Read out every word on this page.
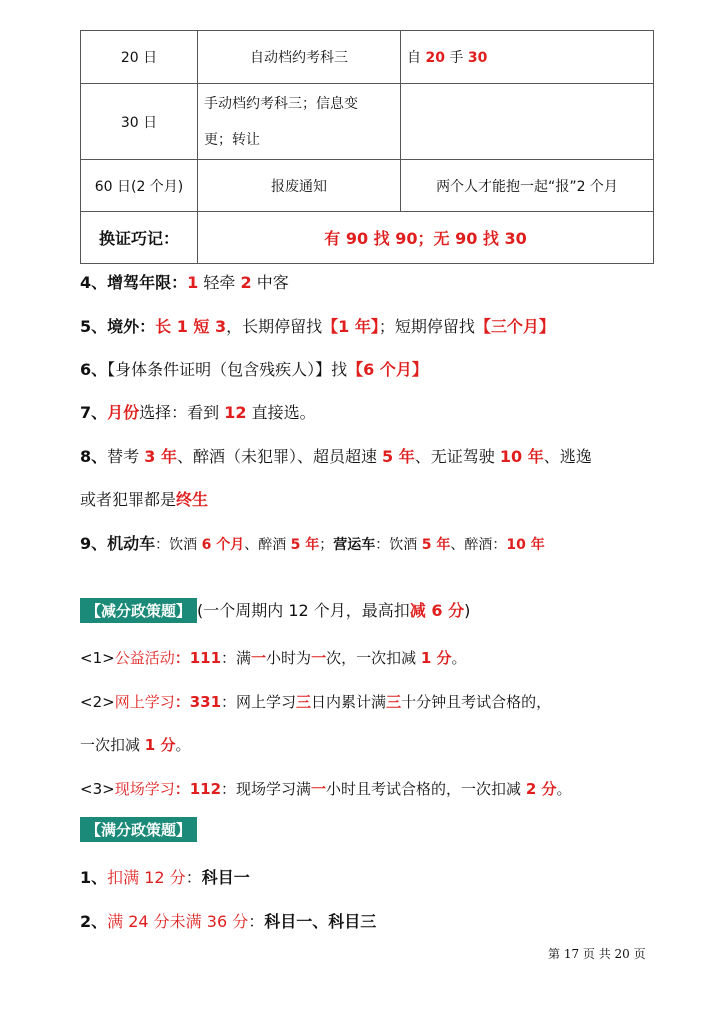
20 日	自动档约考科三	自 20 手 30
30 日	手动档约考科三；信息变
更；转让	
60 日(2 个月)	报废通知	两个人才能抱一起“报”2 个月
换证巧记：	有 90 找 90；无 90 找 30	
4、增驾年限：1 轻牵 2 中客
5、境外：长 1 短 3，长期停留找【1 年】；短期停留找【三个月】
6、【身体条件证明（包含残疾人）】找【6 个月】
7、月份选择：看到 12 直接选。
8、替考 3 年、醉酒（未犯罪）、超员超速 5 年、无证驾驶 10 年、逃逸
或者犯罪都是终生
9、机动车：饮酒 6 个月、醉酒 5 年；营运车：饮酒 5 年、醉酒：10 年
【减分政策题】 (一个周期内 12 个月，最高扣减 6 分)
<1>公益活动：111：满一小时为一次，一次扣减 1 分。
<2>网上学习：331：网上学习三日内累计满三十分钟且考试合格的，
一次扣减 1 分。
<3>现场学习：112：现场学习满一小时且考试合格的，一次扣减 2 分。
【满分政策题】
1、扣满 12 分：科目一
2、满 24 分未满 36 分：科目一、科目三
第 17 页 共 20 页
